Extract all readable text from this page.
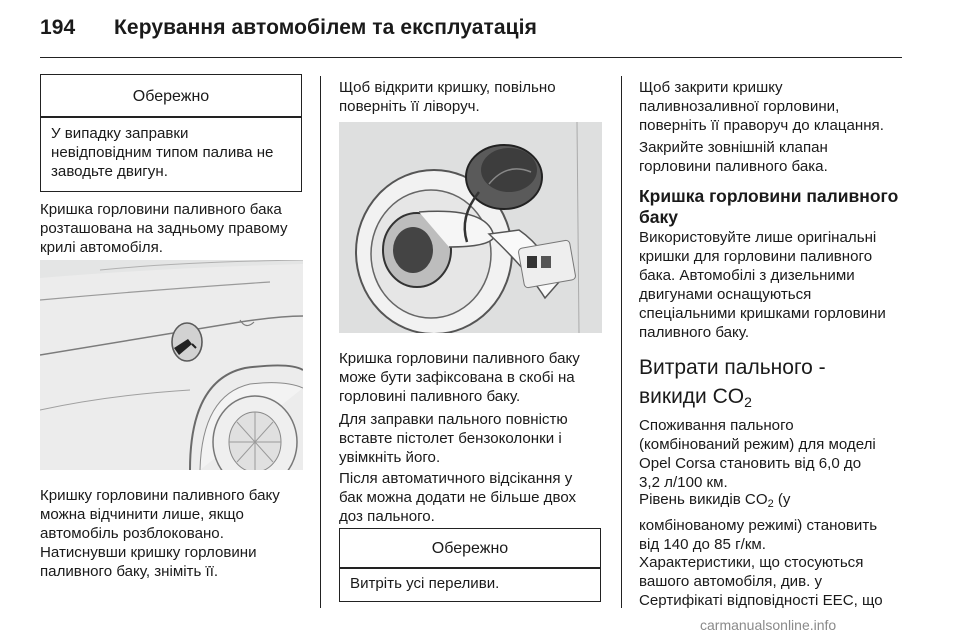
194 Керування автомобілем та експлуатація
Обережно
У випадку заправки
невідповідним типом палива не
заводьте двигун.
Кришка горловини паливного бака
розташована на задньому правому
крилі автомобіля.
Кришку горловини паливного баку
можна відчинити лише, якщо
автомобіль розблоковано.
Натиснувши кришку горловини
паливного баку, зніміть її.
Щоб відкрити кришку, повільно
поверніть її ліворуч.
Кришка горловини паливного баку
може бути зафіксована в скобі на
горловині паливного баку.
Для заправки пального повністю
вставте пістолет бензоколонки і
увімкніть його.
Після автоматичного відсікання у
бак можна додати не більше двох
доз пального.
Обережно
Витріть усі переливи.
Щоб закрити кришку
паливнозаливної горловини,
поверніть її праворуч до клацання.
Закрийте зовнішній клапан
горловини паливного бака.
Кришка горловини паливного
баку
Використовуйте лише оригінальні
кришки для горловини паливного
бака. Автомобілі з дизельними
двигунами оснащуються
спеціальними кришками горловини
паливного баку.
Витрати пального -
викиди $CO_2$
Споживання пального
(комбінований режим) для моделі
Opel Corsa становить від 6,0 до
3,2 л/100 км.
Рівень викидів $CO_2$ (у
комбінованому режимі) становить
від 140 до 85 г/км.
Характеристики, що стосуються
вашого автомобіля, див. у
Сертифікаті відповідності ЕЕС, що
carmanualsonline.info
